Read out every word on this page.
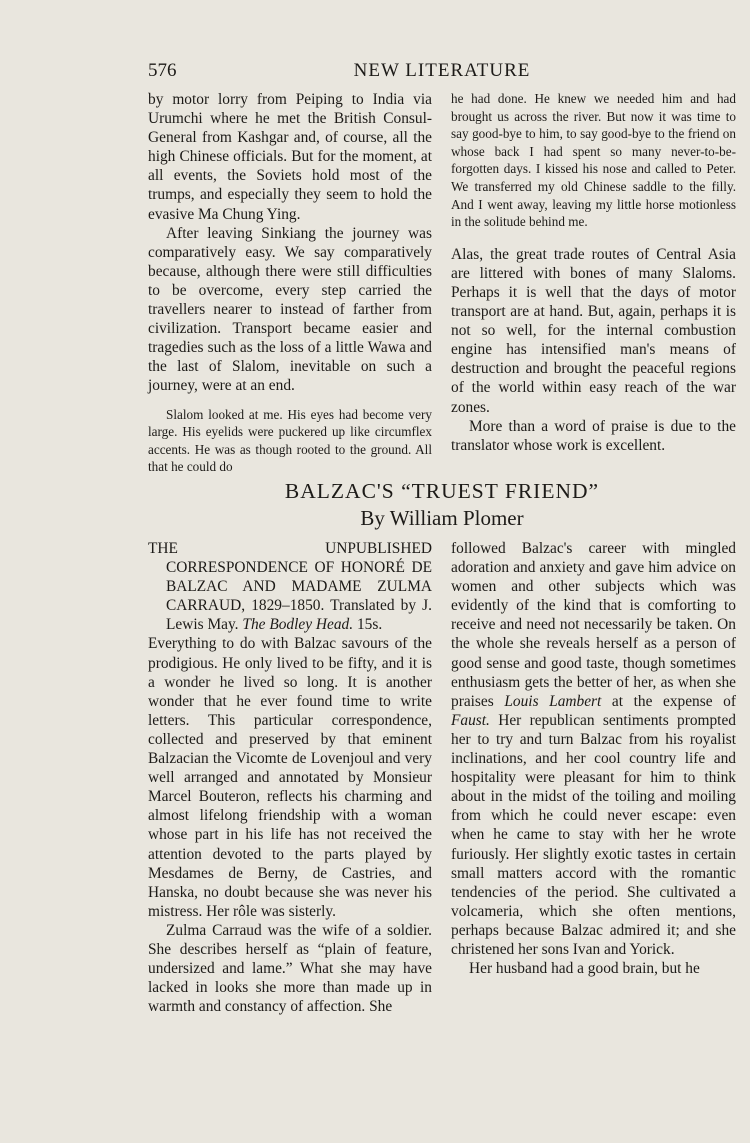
576	NEW LITERATURE

by motor lorry from Peiping to India via Urumchi where he met the British Consul-General from Kashgar and, of course, all the high Chinese officials. But for the moment, at all events, the Soviets hold most of the trumps, and especially they seem to hold the evasive Ma Chung Ying.

After leaving Sinkiang the journey was comparatively easy. We say comparatively because, although there were still difficulties to be overcome, every step carried the travellers nearer to instead of farther from civilization. Transport became easier and tragedies such as the loss of a little Wawa and the last of Slalom, inevitable on such a journey, were at an end.

Slalom looked at me. His eyes had become very large. His eyelids were puckered up like circumflex accents. He was as though rooted to the ground. All that he could do

he had done. He knew we needed him and had brought us across the river. But now it was time to say good-bye to him, to say good-bye to the friend on whose back I had spent so many never-to-be-forgotten days. I kissed his nose and called to Peter. We transferred my old Chinese saddle to the filly. And I went away, leaving my little horse motionless in the solitude behind me.

Alas, the great trade routes of Central Asia are littered with bones of many Slaloms. Perhaps it is well that the days of motor transport are at hand. But, again, perhaps it is not so well, for the internal combustion engine has intensified man's means of destruction and brought the peaceful regions of the world within easy reach of the war zones.

More than a word of praise is due to the translator whose work is excellent.

BALZAC'S “TRUEST FRIEND”
By William Plomer

THE UNPUBLISHED CORRESPONDENCE OF HONORÉ DE BALZAC AND MADAME ZULMA CARRAUD, 1829–1850. Translated by J. Lewis May. The Bodley Head. 15s.

Everything to do with Balzac savours of the prodigious. He only lived to be fifty, and it is a wonder he lived so long. It is another wonder that he ever found time to write letters. This particular correspondence, collected and preserved by that eminent Balzacian the Vicomte de Lovenjoul and very well arranged and annotated by Monsieur Marcel Bouteron, reflects his charming and almost lifelong friendship with a woman whose part in his life has not received the attention devoted to the parts played by Mesdames de Berny, de Castries, and Hanska, no doubt because she was never his mistress. Her rôle was sisterly.

Zulma Carraud was the wife of a soldier. She describes herself as “plain of feature, undersized and lame.” What she may have lacked in looks she more than made up in warmth and constancy of affection. She

followed Balzac's career with mingled adoration and anxiety and gave him advice on women and other subjects which was evidently of the kind that is comforting to receive and need not necessarily be taken. On the whole she reveals herself as a person of good sense and good taste, though sometimes enthusiasm gets the better of her, as when she praises Louis Lambert at the expense of Faust. Her republican sentiments prompted her to try and turn Balzac from his royalist inclinations, and her cool country life and hospitality were pleasant for him to think about in the midst of the toiling and moiling from which he could never escape: even when he came to stay with her he wrote furiously. Her slightly exotic tastes in certain small matters accord with the romantic tendencies of the period. She cultivated a volcameria, which she often mentions, perhaps because Balzac admired it; and she christened her sons Ivan and Yorick.

Her husband had a good brain, but he
